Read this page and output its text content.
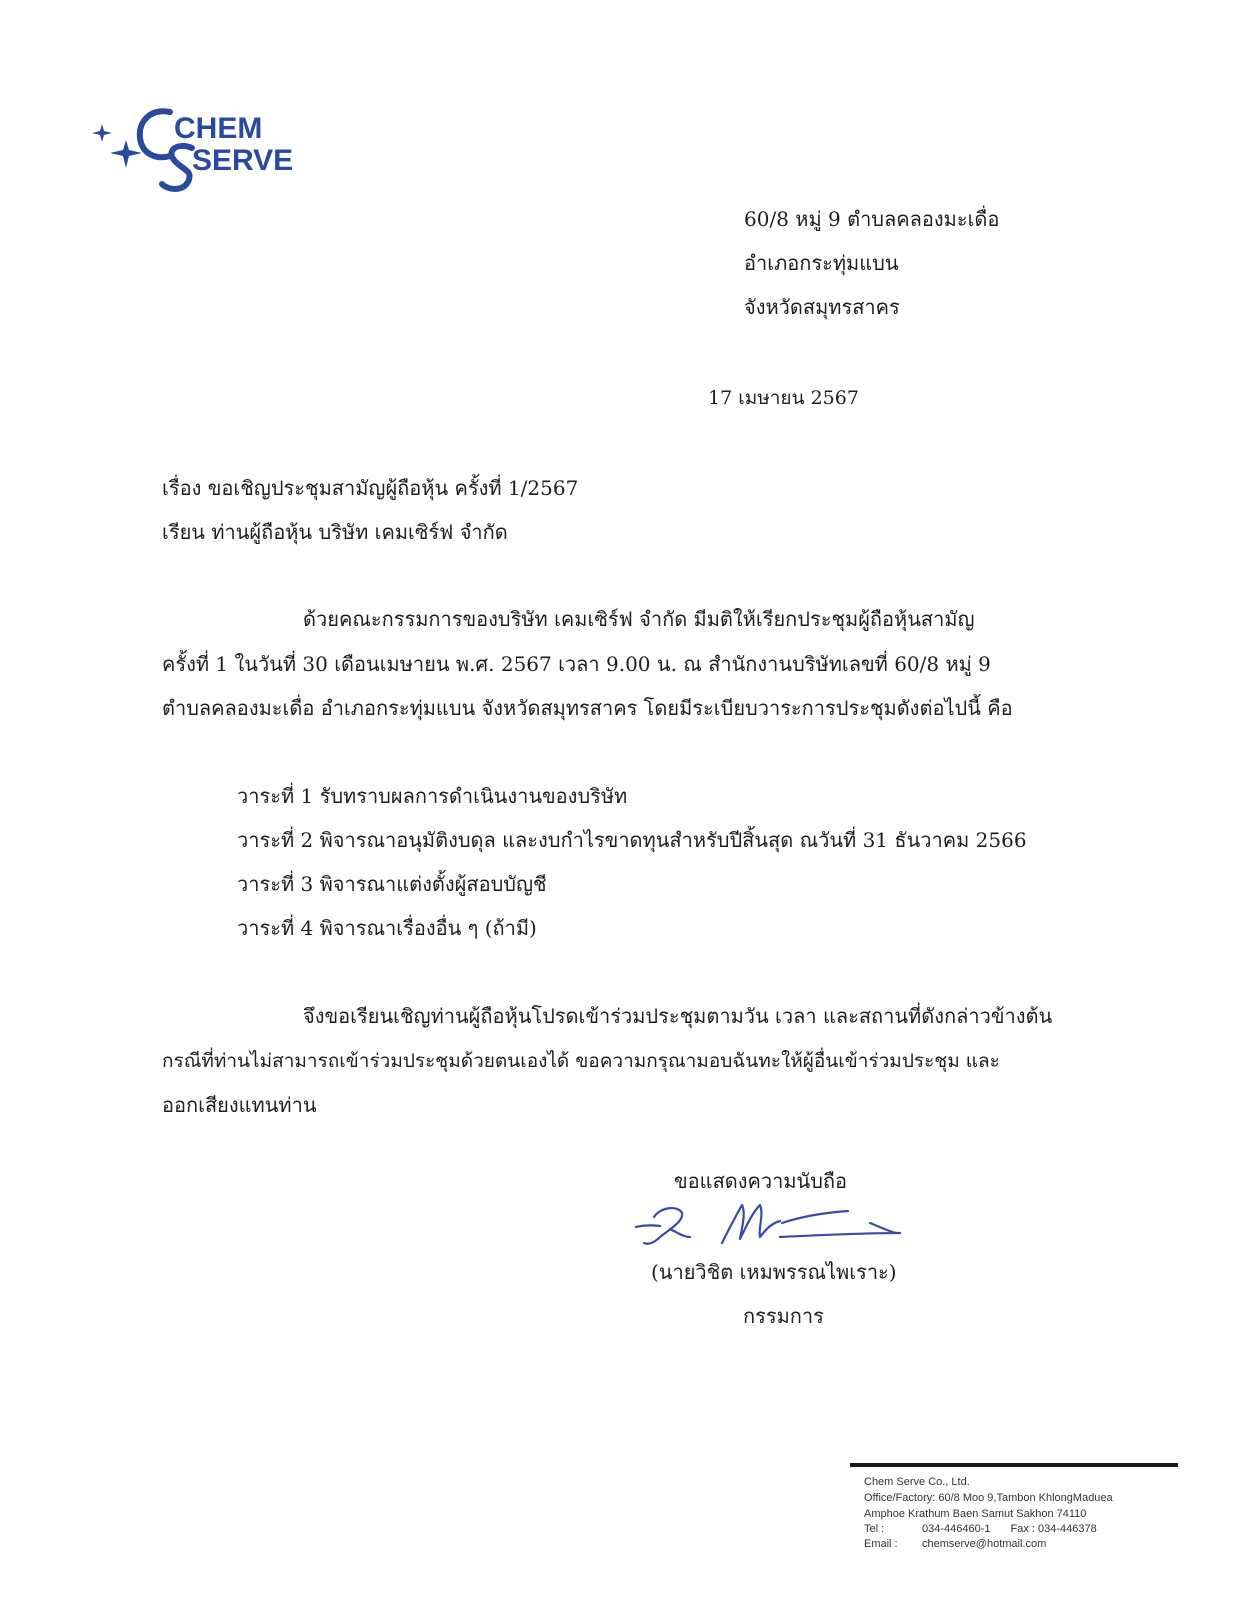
CHEM
SERVE
60/8 หมู่ 9 ตำบลคลองมะเดื่อ
อำเภอกระทุ่มแบน
จังหวัดสมุทรสาคร
17 เมษายน 2567
เรื่อง ขอเชิญประชุมสามัญผู้ถือหุ้น ครั้งที่ 1/2567
เรียน ท่านผู้ถือหุ้น บริษัท เคมเซิร์ฟ จำกัด
ด้วยคณะกรรมการของบริษัท เคมเซิร์ฟ จำกัด มีมติให้เรียกประชุมผู้ถือหุ้นสามัญ
ครั้งที่ 1 ในวันที่ 30 เดือนเมษายน พ.ศ. 2567 เวลา 9.00 น. ณ สำนักงานบริษัทเลขที่ 60/8 หมู่ 9
ตำบลคลองมะเดื่อ อำเภอกระทุ่มแบน จังหวัดสมุทรสาคร โดยมีระเบียบวาระการประชุมดังต่อไปนี้ คือ
วาระที่ 1 รับทราบผลการดำเนินงานของบริษัท
วาระที่ 2 พิจารณาอนุมัติงบดุล และงบกำไรขาดทุนสำหรับปีสิ้นสุด ณวันที่ 31 ธันวาคม 2566
วาระที่ 3 พิจารณาแต่งตั้งผู้สอบบัญชี
วาระที่ 4 พิจารณาเรื่องอื่น ๆ (ถ้ามี)
จึงขอเรียนเชิญท่านผู้ถือหุ้นโปรดเข้าร่วมประชุมตามวัน เวลา และสถานที่ดังกล่าวข้างต้น
กรณีที่ท่านไม่สามารถเข้าร่วมประชุมด้วยตนเองได้ ขอความกรุณามอบฉันทะให้ผู้อื่นเข้าร่วมประชุม และ
ออกเสียงแทนท่าน
ขอแสดงความนับถือ
(นายวิชิต เหมพรรณไพเราะ)
กรรมการ
Chem Serve Co., Ltd.
Office/Factory: 60/8 Moo 9,Tambon KhlongMaduea
Amphoe Krathum Baen Samut Sakhon 74110
Tel :	034-446460-1 Fax : 034-446378
Email : chemserve@hotmail.com
